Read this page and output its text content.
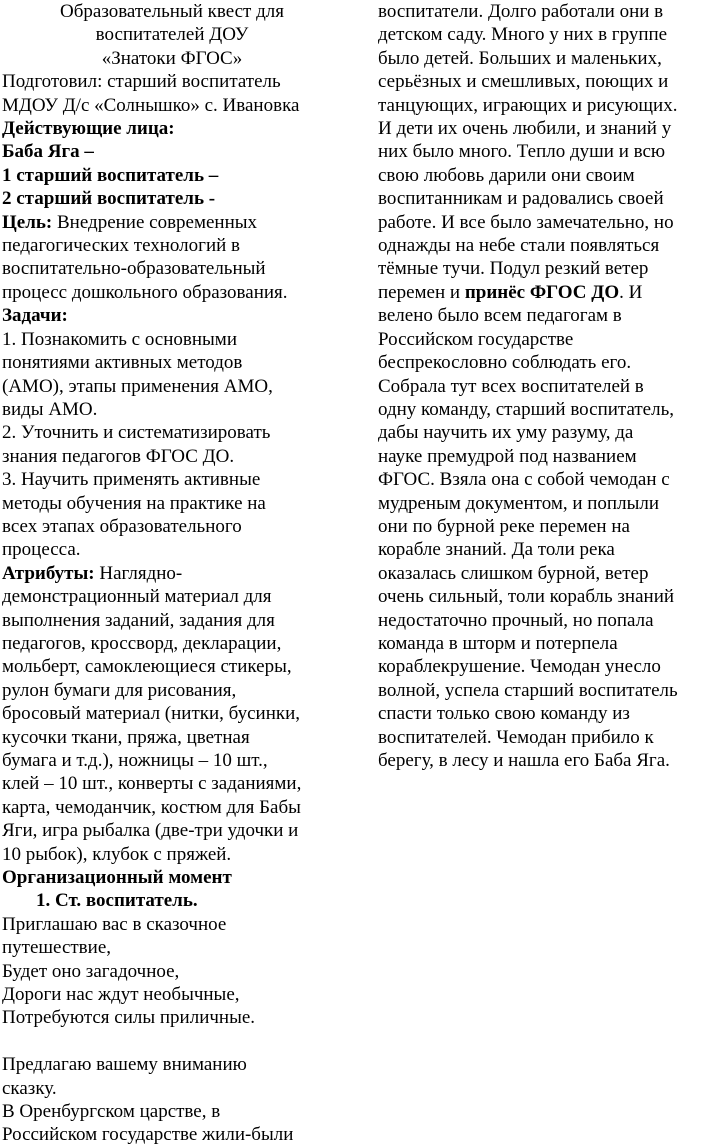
Образовательный квест для

воспитателей ДОУ

«Знатоки ФГОС»

Подготовил: старший воспитатель

МДОУ Д/с «Солнышко» с. Ивановка

Действующие лица:

Баба Яга –

1 старший воспитатель –

2 старший воспитатель -

Цель: Внедрение современных

педагогических технологий в

воспитательно-образовательный

процесс дошкольного образования.

Задачи:

1. Познакомить с основными

понятиями активных методов

(АМО), этапы применения АМО,

виды АМО.

2. Уточнить и систематизировать

знания педагогов ФГОС ДО.

3. Научить применять активные

методы обучения на практике на

всех этапах образовательного

процесса.

Атрибуты: Наглядно-

демонстрационный материал для

выполнения заданий, задания для

педагогов, кроссворд, декларации,

мольберт, самоклеющиеся стикеры,

рулон бумаги для рисования,

бросовый материал (нитки, бусинки,

кусочки ткани, пряжа, цветная

бумага и т.д.), ножницы – 10 шт.,

клей – 10 шт., конверты с заданиями,

карта, чемоданчик, костюм для Бабы

Яги, игра рыбалка (две-три удочки и

10 рыбок), клубок с пряжей.

Организационный момент

1. Ст. воспитатель.

Приглашаю вас в сказочное

путешествие,

Будет оно загадочное,

Дороги нас ждут необычные,

Потребуются силы приличные.

Предлагаю вашему вниманию

сказку.

В Оренбургском царстве, в

Российском государстве жили-были

воспитатели. Долго работали они в

детском саду. Много у них в группе

было детей. Больших и маленьких,

серьёзных и смешливых, поющих и

танцующих, играющих и рисующих.

И дети их очень любили, и знаний у

них было много. Тепло души и всю

свою любовь дарили они своим

воспитанникам и радовались своей

работе. И все было замечательно, но

однажды на небе стали появляться

тёмные тучи. Подул резкий ветер

перемен и принёс ФГОС ДО. И

велено было всем педагогам в

Российском государстве

беспрекословно соблюдать его.

Собрала тут всех воспитателей в

одну команду, старший воспитатель,

дабы научить их уму разуму, да

науке премудрой под названием

ФГОС. Взяла она с собой чемодан с

мудреным документом, и поплыли

они по бурной реке перемен на

корабле знаний. Да толи река

оказалась слишком бурной, ветер

очень сильный, толи корабль знаний

недостаточно прочный, но попала

команда в шторм и потерпела

кораблекрушение. Чемодан унесло

волной, успела старший воспитатель

спасти только свою команду из

воспитателей. Чемодан прибило к

берегу, в лесу и нашла его Баба Яга.
